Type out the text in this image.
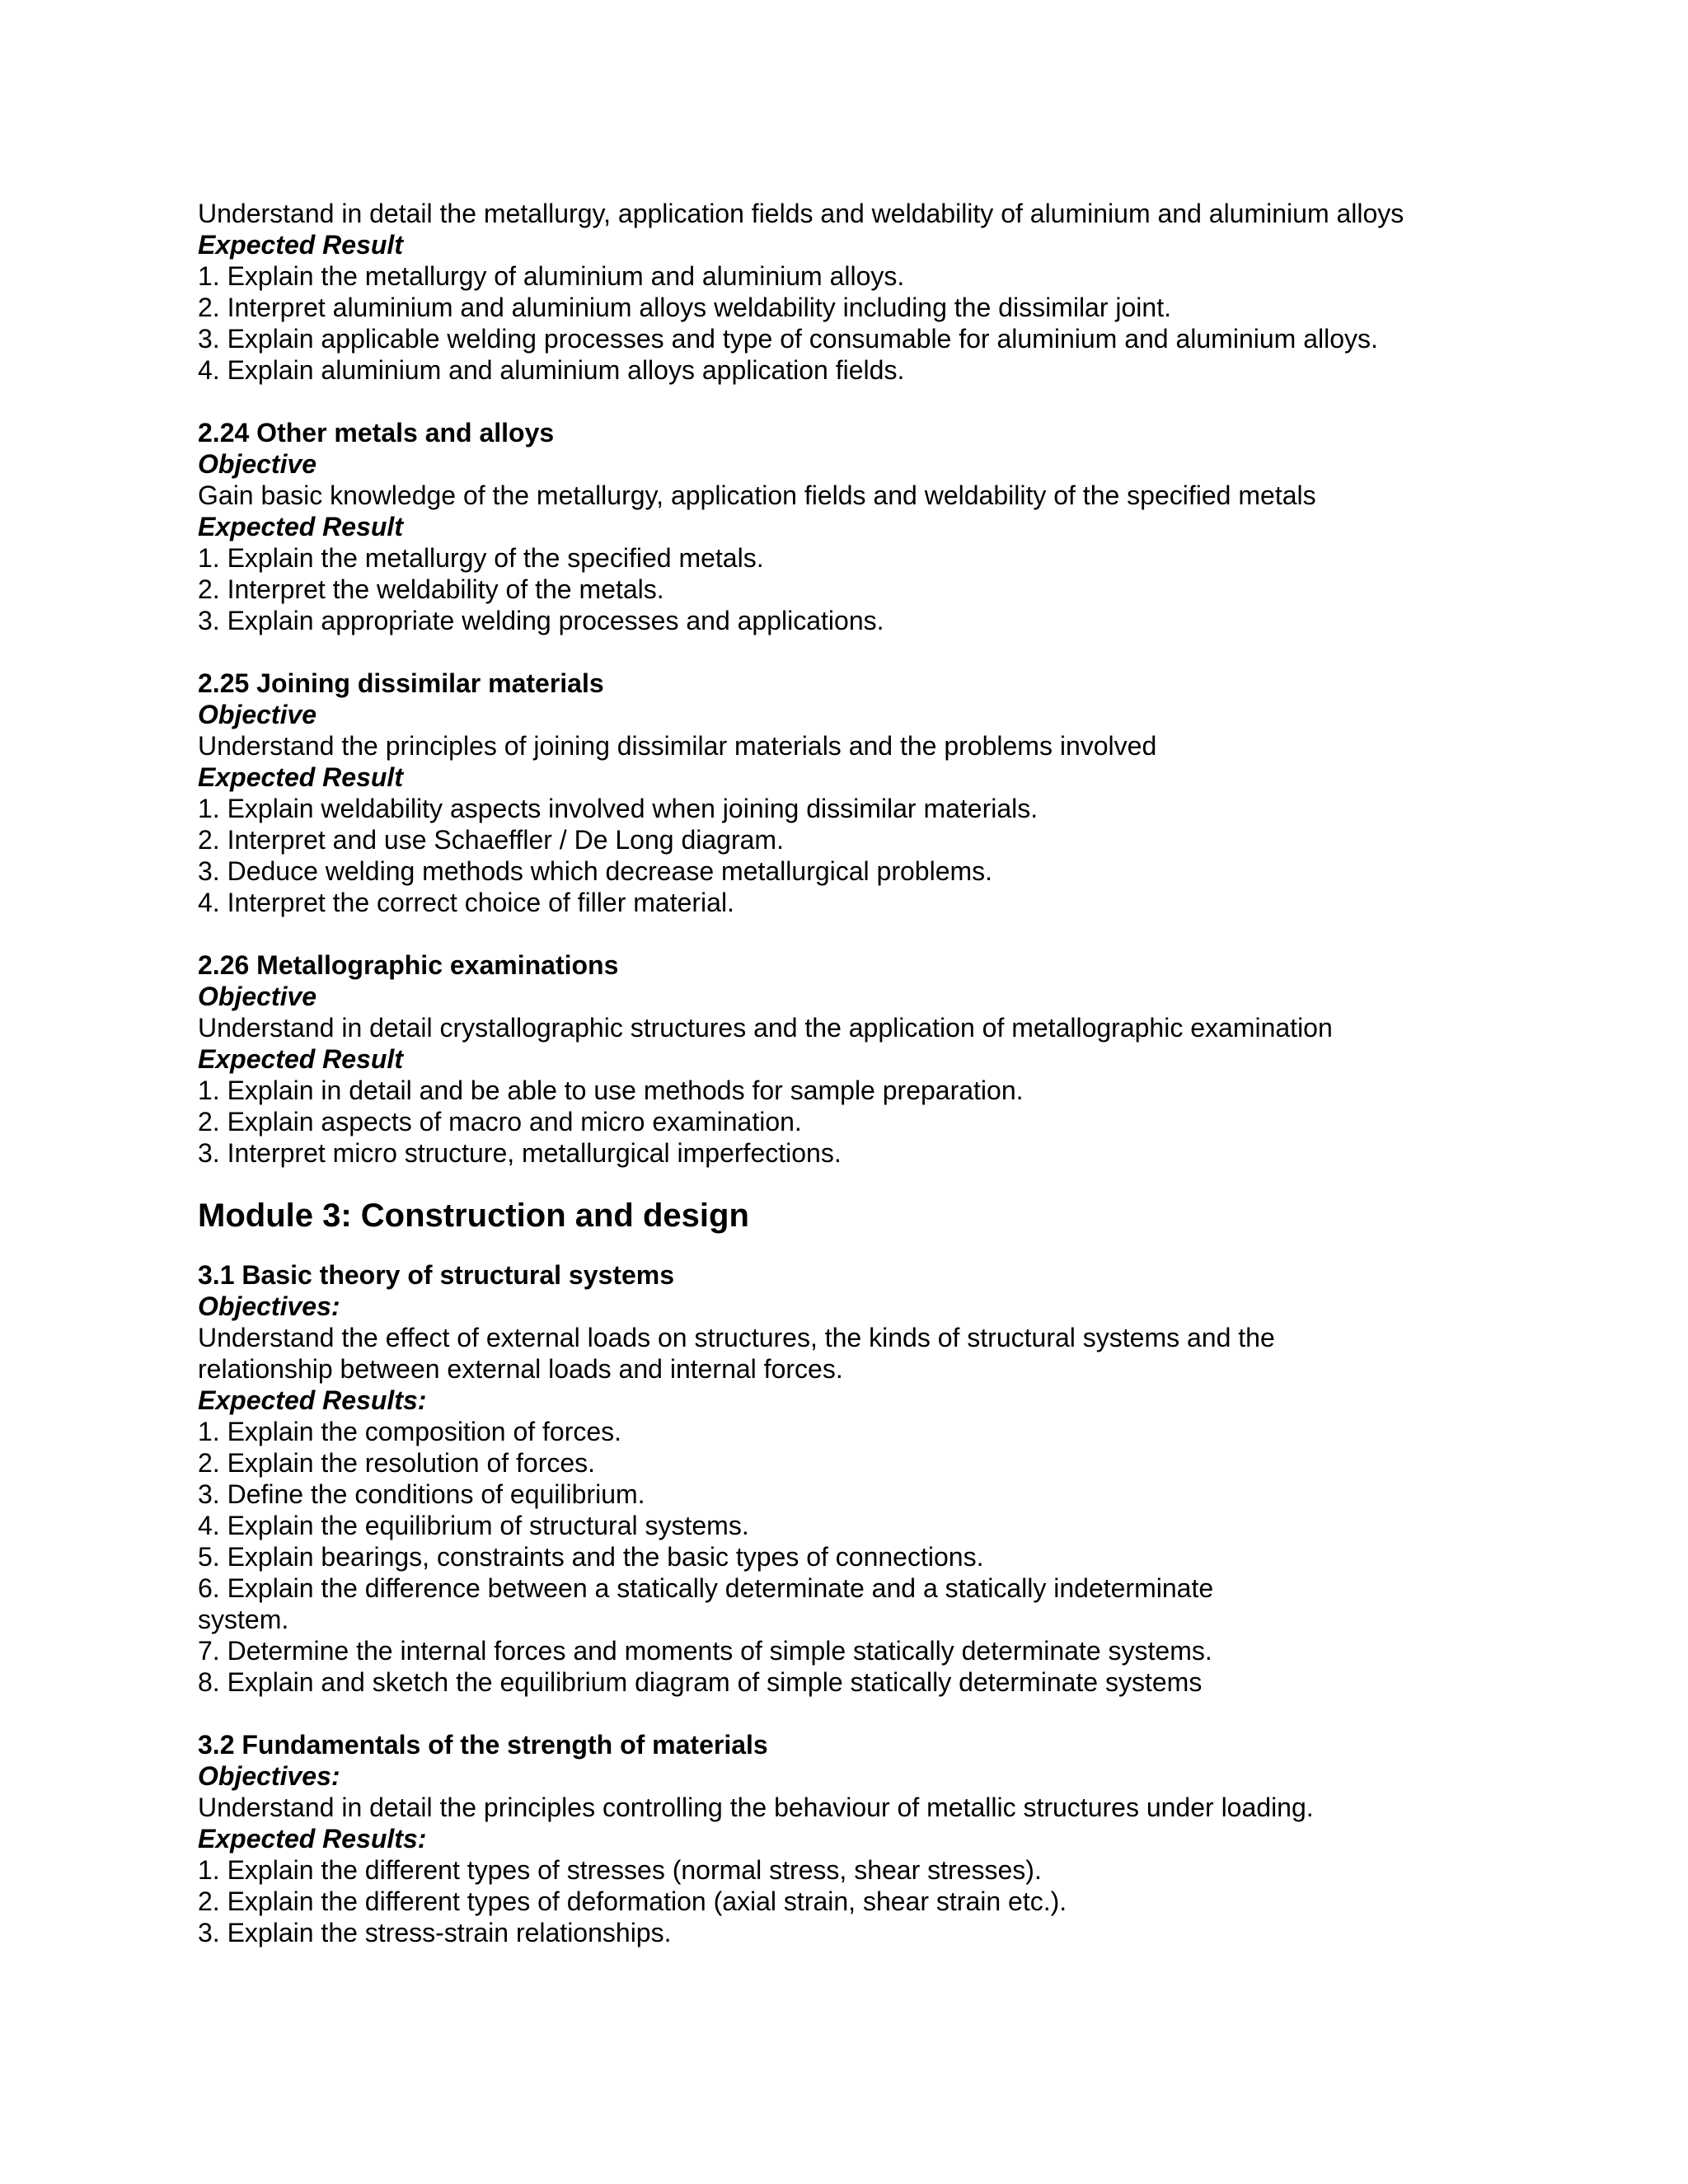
Understand in detail the metallurgy, application fields and weldability of aluminium and aluminium alloys

Expected Result

1. Explain the metallurgy of aluminium and aluminium alloys.

2. Interpret aluminium and aluminium alloys weldability including the dissimilar joint.

3. Explain applicable welding processes and type of consumable for aluminium and aluminium alloys.

4. Explain aluminium and aluminium alloys application fields.

2.24 Other metals and alloys

Objective

Gain basic knowledge of the metallurgy, application fields and weldability of the specified metals

Expected Result

1. Explain the metallurgy of the specified metals.

2. Interpret the weldability of the metals.

3. Explain appropriate welding processes and applications.

2.25 Joining dissimilar materials

Objective

Understand the principles of joining dissimilar materials and the problems involved

Expected Result

1. Explain weldability aspects involved when joining dissimilar materials.

2. Interpret and use Schaeffler / De Long diagram.

3. Deduce welding methods which decrease metallurgical problems.

4. Interpret the correct choice of filler material.

2.26 Metallographic examinations

Objective

Understand in detail crystallographic structures and the application of metallographic examination

Expected Result

1. Explain in detail and be able to use methods for sample preparation.

2. Explain aspects of macro and micro examination.

3. Interpret micro structure, metallurgical imperfections.

Module 3: Construction and design

3.1 Basic theory of structural systems

Objectives:

Understand the effect of external loads on structures, the kinds of structural systems and the

relationship between external loads and internal forces.

Expected Results:

1. Explain the composition of forces.

2. Explain the resolution of forces.

3. Define the conditions of equilibrium.

4. Explain the equilibrium of structural systems.

5. Explain bearings, constraints and the basic types of connections.

6. Explain the difference between a statically determinate and a statically indeterminate

system.

7. Determine the internal forces and moments of simple statically determinate systems.

8. Explain and sketch the equilibrium diagram of simple statically determinate systems

3.2 Fundamentals of the strength of materials

Objectives:

Understand in detail the principles controlling the behaviour of metallic structures under loading.

Expected Results:

1. Explain the different types of stresses (normal stress, shear stresses).

2. Explain the different types of deformation (axial strain, shear strain etc.).

3. Explain the stress-strain relationships.
